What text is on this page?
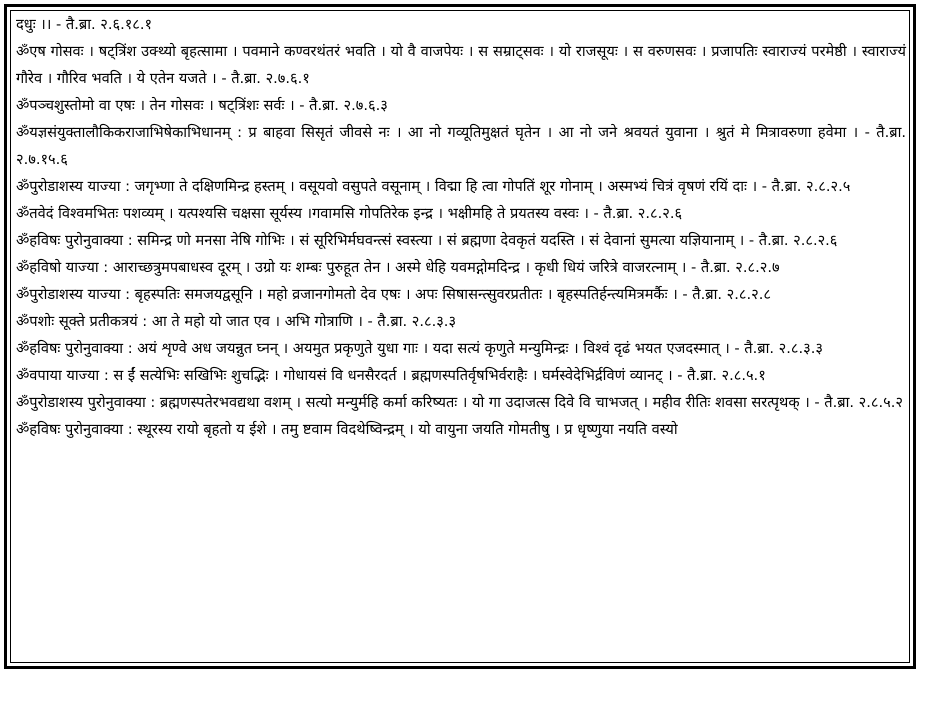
दधुः ।। - तै.ब्रा. २.६.१८.१

ॐएष गोसवः । षट्त्रिंश उक्थ्यो बृहत्सामा । पवमाने कण्वरथंतरं भवति । यो वै वाजपेयः । स सम्राट्सवः । यो राजसूयः । स वरुणसवः । प्रजापतिः स्वाराज्यं परमेष्ठी । स्वाराज्यं गौरेव । गौरिव भवति । ये एतेन यजते । - तै.ब्रा. २.७.६.१

ॐपञ्चशुस्तोमो वा एषः । तेन गोसवः । षट्त्रिंशः सर्वः । - तै.ब्रा. २.७.६.३

ॐयज्ञसंयुक्तालौकिकराजाभिषेकाभिधानम् : प्र बाहवा सिसृतं जीवसे नः । आ नो गव्यूतिमुक्षतं घृतेन । आ नो जने श्रवयतं युवाना । श्रुतं मे मित्रावरुणा हवेमा । - तै.ब्रा. २.७.१५.६

ॐपुरोडाशस्य याज्या : जगृभ्णा ते दक्षिणमिन्द्र हस्तम् । वसूयवो वसुपते वसूनाम् । विद्मा हि त्वा गोपतिं शूर गोनाम् । अस्मभ्यं चित्रं वृषणं रयिं दाः । - तै.ब्रा. २.८.२.५

ॐतवेदं विश्वमभितः पशव्यम् । यत्पश्यसि चक्षसा सूर्यस्य ।गवामसि गोपतिरेक इन्द्र । भक्षीमहि ते प्रयतस्य वस्वः । - तै.ब्रा. २.८.२.६

ॐहविषः पुरोनुवाक्या : समिन्द्र णो मनसा नेषि गोभिः । सं सूरिभिर्मघवन्त्सं स्वस्त्या । सं ब्रह्मणा देवकृतं यदस्ति । सं देवानां सुमत्या यज्ञियानाम् । - तै.ब्रा. २.८.२.६

ॐहविषो याज्या : आराच्छत्रुमपबाधस्व दूरम् । उग्रो यः शम्बः पुरुहूत तेन । अस्मे धेहि यवमद्गोमदिन्द्र । कृधी धियं जरित्रे वाजरत्नाम् । - तै.ब्रा. २.८.२.७

ॐपुरोडाशस्य याज्या : बृहस्पतिः समजयद्वसूनि । महो व्रजानगोमतो देव एषः । अपः सिषासन्त्सुवरप्रतीतः । बृहस्पतिर्हन्त्यमित्रमर्कैः । - तै.ब्रा. २.८.२.८

ॐपशोः सूक्ते प्रतीकत्रयं : आ ते महो यो जात एव । अभि गोत्राणि । - तै.ब्रा. २.८.३.३

ॐहविषः पुरोनुवाक्या : अयं शृण्वे अध जयन्नुत घ्नन् । अयमुत प्रकृणुते युधा गाः । यदा सत्यं कृणुते मन्युमिन्द्रः । विश्वं दृढं भयत एजदस्मात् । - तै.ब्रा. २.८.३.३

ॐवपाया याज्या : स ईं सत्येभिः सखिभिः शुचद्भिः । गोधायसं वि धनसैरदर्त । ब्रह्मणस्पतिर्वृषभिर्वराहैः । घर्मस्वेदेभिर्द्रविणं व्यानट् । - तै.ब्रा. २.८.५.१

ॐपुरोडाशस्य पुरोनुवाक्या : ब्रह्मणस्पतेरभवद्यथा वशम् । सत्यो मन्युर्महि कर्मा करिष्यतः । यो गा उदाजत्स दिवे वि चाभजत् । महीव रीतिः शवसा सरत्पृथक् । - तै.ब्रा. २.८.५.२

ॐहविषः पुरोनुवाक्या : स्थूरस्य रायो बृहतो य ईशे । तमु ष्टवाम विदथेष्विन्द्रम् । यो वायुना जयति गोमतीषु । प्र धृष्णुया नयति वस्यो
